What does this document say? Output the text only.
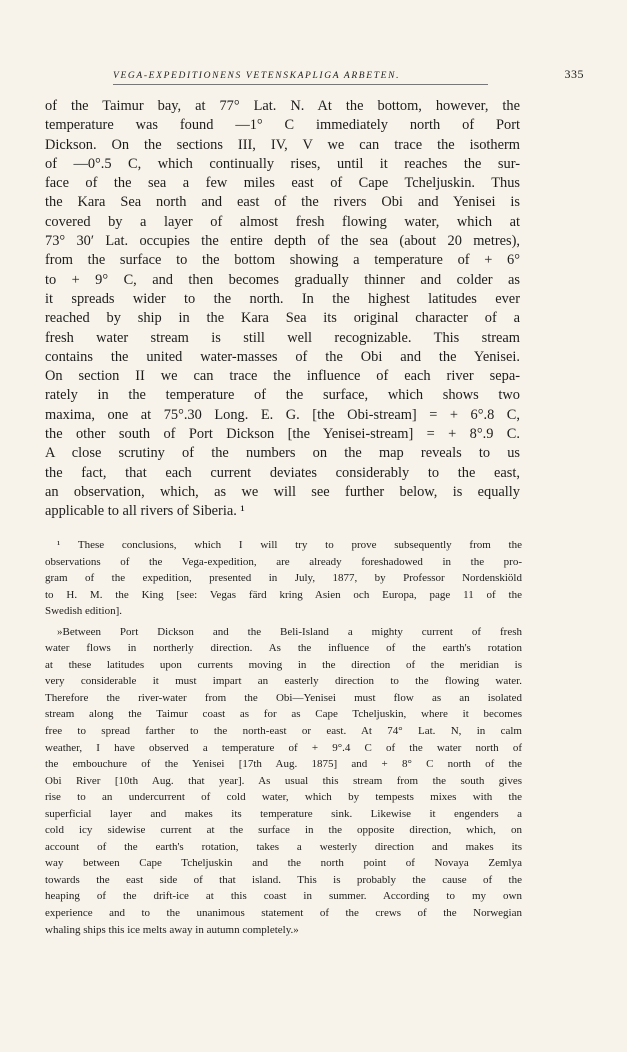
VEGA-EXPEDITIONENS VETENSKAPLIGA ARBETEN.	335

of the Taimur bay, at 77° Lat. N. At the bottom, however, the
temperature was found —1° C immediately north of Port
Dickson. On the sections III, IV, V we can trace the isotherm
of —0°.5 C, which continually rises, until it reaches the sur-
face of the sea a few miles east of Cape Tcheljuskin. Thus
the Kara Sea north and east of the rivers Obi and Yenisei is
covered by a layer of almost fresh flowing water, which at
73° 30′ Lat. occupies the entire depth of the sea (about 20 metres),
from the surface to the bottom showing a temperature of + 6°
to + 9° C, and then becomes gradually thinner and colder as
it spreads wider to the north. In the highest latitudes ever
reached by ship in the Kara Sea its original character of a
fresh water stream is still well recognizable. This stream
contains the united water-masses of the Obi and the Yenisei.
On section II we can trace the influence of each river sepa-
rately in the temperature of the surface, which shows two
maxima, one at 75°.30 Long. E. G. [the Obi-stream] = + 6°.8 C,
the other south of Port Dickson [the Yenisei-stream] = + 8°.9 C.
A close scrutiny of the numbers on the map reveals to us
the fact, that each current deviates considerably to the east,
an observation, which, as we will see further below, is equally
applicable to all rivers of Siberia. ¹

¹ These conclusions, which I will try to prove subsequently from the
observations of the Vega-expedition, are already foreshadowed in the pro-
gram of the expedition, presented in July, 1877, by Professor Nordenskiöld
to H. M. the King [see: Vegas färd kring Asien och Europa, page 11 of the
Swedish edition].
»Between Port Dickson and the Beli-Island a mighty current of fresh
water flows in northerly direction. As the influence of the earth's rotation
at these latitudes upon currents moving in the direction of the meridian is
very considerable it must impart an easterly direction to the flowing water.
Therefore the river-water from the Obi—Yenisei must flow as an isolated
stream along the Taimur coast as for as Cape Tcheljuskin, where it becomes
free to spread farther to the north-east or east. At 74° Lat. N, in calm
weather, I have observed a temperature of + 9°.4 C of the water north of
the embouchure of the Yenisei [17th Aug. 1875] and + 8° C north of the
Obi River [10th Aug. that year]. As usual this stream from the south gives
rise to an undercurrent of cold water, which by tempests mixes with the
superficial layer and makes its temperature sink. Likewise it engenders a
cold icy sidewise current at the surface in the opposite direction, which, on
account of the earth's rotation, takes a westerly direction and makes its
way between Cape Tcheljuskin and the north point of Novaya Zemlya
towards the east side of that island. This is probably the cause of the
heaping of the drift-ice at this coast in summer. According to my own
experience and to the unanimous statement of the crews of the Norwegian
whaling ships this ice melts away in autumn completely.»
